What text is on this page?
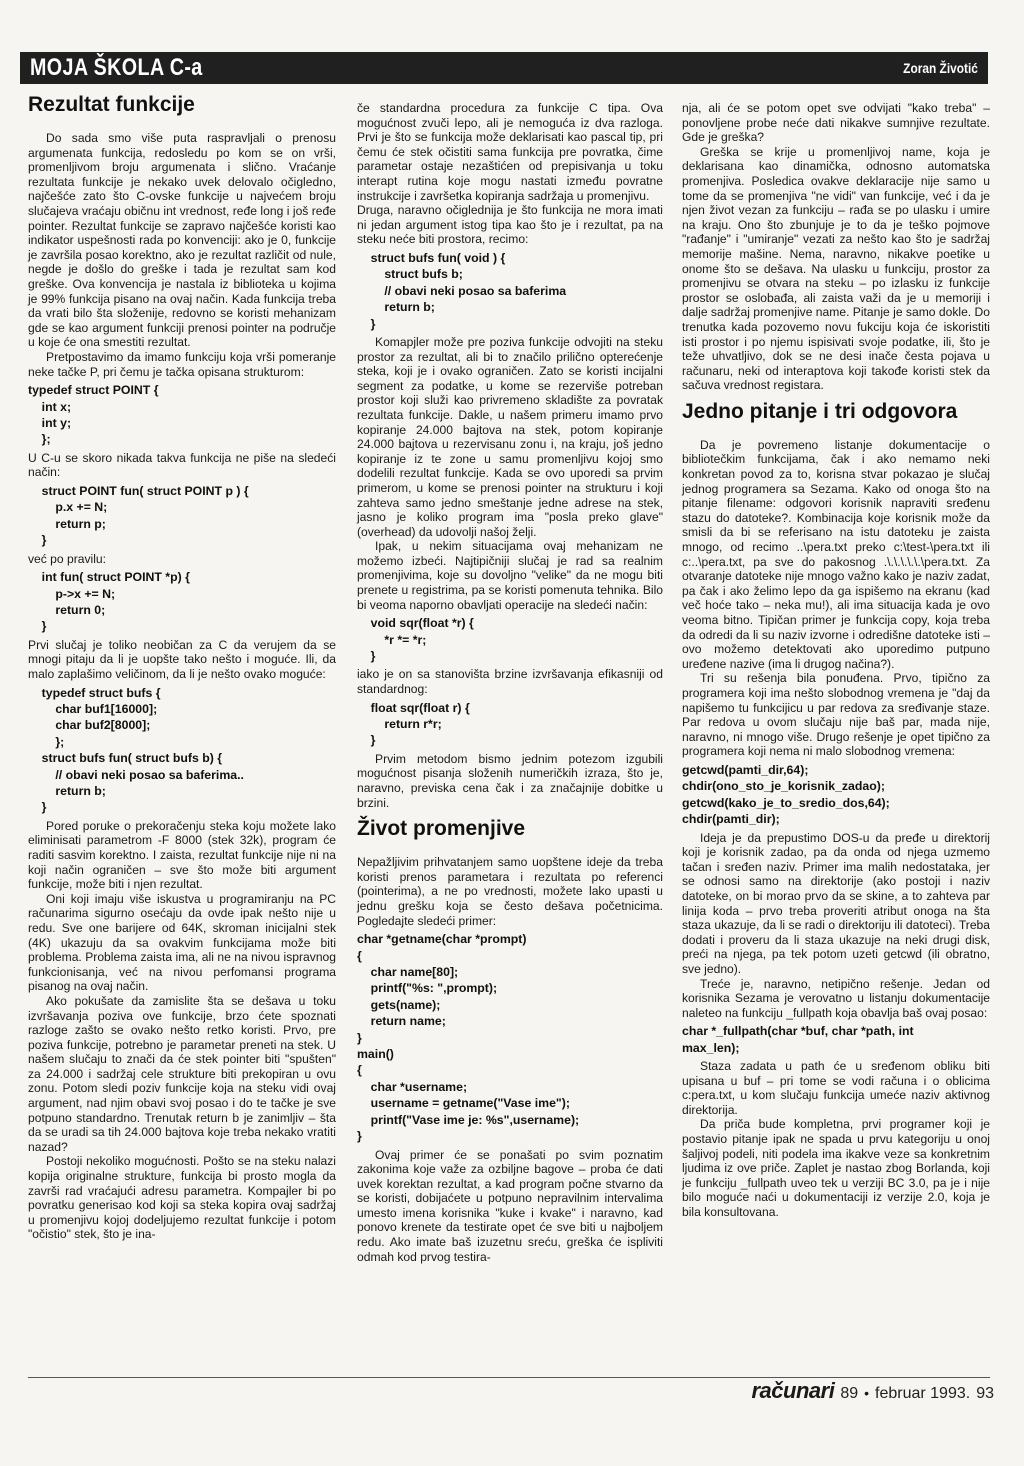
MOJA ŠKOLA C-a	Zoran Životić
Rezultat funkcije

Do sada smo više puta raspravljali o prenosu argumenata funkcija, redosledu po kom se on vrši, promenljivom broju argumenata i slično. Vraćanje rezultata funkcije je nekako uvek delovalo očigledno, najčešće zato što C-ovske funkcije u najvećem broju slučajeva vraćaju običnu int vrednost, ređe long i još ređe pointer. Rezultat funkcije se zapravo najčešće koristi kao indikator uspešnosti rada po konvenciji: ako je 0, funkcije je završila posao korektno, ako je rezultat različit od nule, negde je došlo do greške i tada je rezultat sam kod greške. Ova konvencija je nastala iz biblioteka u kojima je 99% funkcija pisano na ovaj način. Kada funkcija treba da vrati bilo šta složenije, redovno se koristi mehanizam gde se kao argument funkciji prenosi pointer na područje u koje će ona smestiti rezultat.

Pretpostavimo da imamo funkciju koja vrši pomeranje neke tačke P, pri čemu je tačka opisana strukturom:

typedef struct POINT {
int x;
int y;
};

U C-u se skoro nikada takva funkcija ne piše na sledeći način:

struct POINT fun( struct POINT p ) {
p.x += N;
return p;
}

već po pravilu:

int fun( struct POINT *p) {
p->x += N;
return 0;
}

Prvi slučaj je toliko neobičan za C da verujem da se mnogi pitaju da li je uopšte tako nešto i moguće. Ili, da malo zaplašimo veličinom, da li je nešto ovako moguće:

typedef struct bufs {
char buf1[16000];
char buf2[8000];
};
struct bufs fun( struct bufs b) {
// obavi neki posao sa baferima..
return b;
}

Pored poruke o prekoračenju steka koju možete lako eliminisati parametrom -F 8000 (stek 32k), program će raditi sasvim korektno. I zaista, rezultat funkcije nije ni na koji način ograničen – sve što može biti argument funkcije, može biti i njen rezultat.

Oni koji imaju više iskustva u programiranju na PC računarima sigurno osećaju da ovde ipak nešto nije u redu. Sve one barijere od 64K, skroman inicijalni stek (4K) ukazuju da sa ovakvim funkcijama može biti problema. Problema zaista ima, ali ne na nivou ispravnog funkcionisanja, već na nivou perfomansi programa pisanog na ovaj način.

Ako pokušate da zamislite šta se dešava u toku izvršavanja poziva ove funkcije, brzo ćete spoznati razloge zašto se ovako nešto retko koristi. Prvo, pre poziva funkcije, potrebno je parametar preneti na stek. U našem slučaju to znači da će stek pointer biti "spušten" za 24.000 i sadržaj cele strukture biti prekopiran u ovu zonu. Potom sledi poziv funkcije koja na steku vidi ovaj argument, nad njim obavi svoj posao i do te tačke je sve potpuno standardno. Trenutak return b je zanimljiv – šta da se uradi sa tih 24.000 bajtova koje treba nekako vratiti nazad?

Postoji nekoliko mogućnosti. Pošto se na steku nalazi kopija originalne strukture, funkcija bi prosto mogla da završi rad vraćajući adresu parametra. Kompajler bi po povratku generisao kod koji sa steka kopira ovaj sadržaj u promenjivu kojoj dodeljujemo rezultat funkcije i potom "očistio" stek, što je ina-

če standardna procedura za funkcije C tipa. Ova mogućnost zvuči lepo, ali je nemoguća iz dva razloga. Prvi je što se funkcija može deklarisati kao pascal tip, pri čemu će stek očistiti sama funkcija pre povratka, čime parametar ostaje nezaštićen od prepisivanja u toku interapt rutina koje mogu nastati između povratne instrukcije i završetka kopiranja sadržaja u promenjivu.

Druga, naravno očiglednija je što funkcija ne mora imati ni jedan argument istog tipa kao što je i rezultat, pa na steku neće biti prostora, recimo:

struct bufs fun( void ) {
struct bufs b;
// obavi neki posao sa baferima
return b;
}

Komapjler može pre poziva funkcije odvojiti na steku prostor za rezultat, ali bi to značilo prilično opterećenje steka, koji je i ovako ograničen. Zato se koristi incijalni segment za podatke, u kome se rezerviše potreban prostor koji služi kao privremeno skladište za povratak rezultata funkcije. Dakle, u našem primeru imamo prvo kopiranje 24.000 bajtova na stek, potom kopiranje 24.000 bajtova u rezervisanu zonu i, na kraju, još jedno kopiranje iz te zone u samu promenljivu kojoj smo dodelili rezultat funkcije. Kada se ovo uporedi sa prvim primerom, u kome se prenosi pointer na strukturu i koji zahteva samo jedno smeštanje jedne adrese na stek, jasno je koliko program ima "posla preko glave" (overhead) da udovolji našoj želji.

Ipak, u nekim situacijama ovaj mehanizam ne možemo izbeći. Najtipičniji slučaj je rad sa realnim promenjivima, koje su dovoljno "velike" da ne mogu biti prenete u registrima, pa se koristi pomenuta tehnika. Bilo bi veoma naporno obavljati operacije na sledeći način:

void sqr(float *r) {
*r *= *r;
}

iako je on sa stanovišta brzine izvršavanja efikasniji od standardnog:

float sqr(float r) {
return r*r;
}

Prvim metodom bismo jednim potezom izgubili mogućnost pisanja složenih numeričkih izraza, što je, naravno, previska cena čak i za značajnije dobitke u brzini.

Život promenjive

Nepažljivim prihvatanjem samo uopštene ideje da treba koristi prenos parametara i rezultata po referenci (pointerima), a ne po vrednosti, možete lako upasti u jednu grešku koja se često dešava početnicima. Pogledajte sledeći primer:

char *getname(char *prompt)
{
char name[80];
printf("%s: ",prompt);
gets(name);
return name;
}
main()
{
char *username;
username = getname("Vase ime");
printf("Vase ime je: %s",username);
}

Ovaj primer će se ponašati po svim poznatim zakonima koje važe za ozbiljne bagove – proba će dati uvek korektan rezultat, a kad program počne stvarno da se koristi, dobijaćete u potpuno nepravilnim intervalima umesto imena korisnika "kuke i kvake" i naravno, kad ponovo krenete da testirate opet će sve biti u najboljem redu. Ako imate baš izuzetnu sreću, greška će ispliviti odmah kod prvog testira-

nja, ali će se potom opet sve odvijati "kako treba" – ponovljene probe neće dati nikakve sumnjive rezultate. Gde je greška?

Greška se krije u promenljivoj name, koja je deklarisana kao dinamička, odnosno automatska promenjiva. Posledica ovakve deklaracije nije samo u tome da se promenjiva "ne vidi" van funkcije, već i da je njen život vezan za funkciju – rađa se po ulasku i umire na kraju. Ono što zbunjuje je to da je teško pojmove "rađanje" i "umiranje" vezati za nešto kao što je sadržaj memorije mašine. Nema, naravno, nikakve poetike u onome što se dešava. Na ulasku u funkciju, prostor za promenjivu se otvara na steku – po izlasku iz funkcije prostor se oslobađa, ali zaista važi da je u memoriji i dalje sadržaj promenjive name. Pitanje je samo dokle. Do trenutka kada pozovemo novu fukciju koja će iskoristiti isti prostor i po njemu ispisivati svoje podatke, ili, što je teže uhvatljivo, dok se ne desi inače česta pojava u računaru, neki od interaptova koji takođe koristi stek da sačuva vrednost registara.

Jedno pitanje i tri odgovora

Da je povremeno listanje dokumentacije o bibliotečkim funkcijama, čak i ako nemamo neki konkretan povod za to, korisna stvar pokazao je slučaj jednog programera sa Sezama. Kako od onoga što na pitanje filename: odgovori korisnik napraviti sređenu stazu do datoteke?. Kombinacija koje korisnik može da smisli da bi se referisano na istu datoteku je zaista mnogo, od recimo ..\pera.txt preko c:\test-\pera.txt ili c:..\pera.txt, pa sve do pakosnog .\.\.\.\.\.\pera.txt. Za otvaranje datoteke nije mnogo važno kako je naziv zadat, pa čak i ako želimo lepo da ga ispišemo na ekranu (kad več hoće tako – neka mu!), ali ima situacija kada je ovo veoma bitno. Tipičan primer je funkcija copy, koja treba da odredi da li su naziv izvorne i odredišne datoteke isti – ovo možemo detektovati ako uporedimo putpuno uređene nazive (ima li drugog načina?).

Tri su rešenja bila ponuđena. Prvo, tipično za programera koji ima nešto slobodnog vremena je "daj da napišemo tu funkcijicu u par redova za sređivanje staze. Par redova u ovom slučaju nije baš par, mada nije, naravno, ni mnogo više. Drugo rešenje je opet tipično za programera koji nema ni malo slobodnog vremena:

getcwd(pamti_dir,64);
chdir(ono_sto_je_korisnik_zadao);
getcwd(kako_je_to_sredio_dos,64);
chdir(pamti_dir);

Ideja je da prepustimo DOS-u da pređe u direktorij koji je korisnik zadao, pa da onda od njega uzmemo tačan i sređen naziv. Primer ima malih nedostataka, jer se odnosi samo na direktorije (ako postoji i naziv datoteke, on bi morao prvo da se skine, a to zahteva par linija koda – prvo treba proveriti atribut onoga na šta staza ukazuje, da li se radi o direktoriju ili datoteci). Treba dodati i proveru da li staza ukazuje na neki drugi disk, preći na njega, pa tek potom uzeti getcwd (ili obratno, sve jedno).

Treće je, naravno, netipično rešenje. Jedan od korisnika Sezama je verovatno u listanju dokumentacije naleteo na funkciju _fullpath koja obavlja baš ovaj posao:

char *_fullpath(char *buf, char *path, int
max_len);

Staza zadata u path će u sređenom obliku biti upisana u buf – pri tome se vodi računa i o oblicima c:pera.txt, u kom slučaju funkcija umeće naziv aktivnog direktorija.

Da priča bude kompletna, prvi programer koji je postavio pitanje ipak ne spada u prvu kategoriju u onoj šaljivoj podeli, niti podela ima ikakve veze sa konkretnim ljudima iz ove priče. Zaplet je nastao zbog Borlanda, koji je funkciju _fullpath uveo tek u verziji BC 3.0, pa je i nije bilo moguće naći u dokumentaciji iz verzije 2.0, koja je bila konsultovana.

računari 89 • februar 1993. 93
